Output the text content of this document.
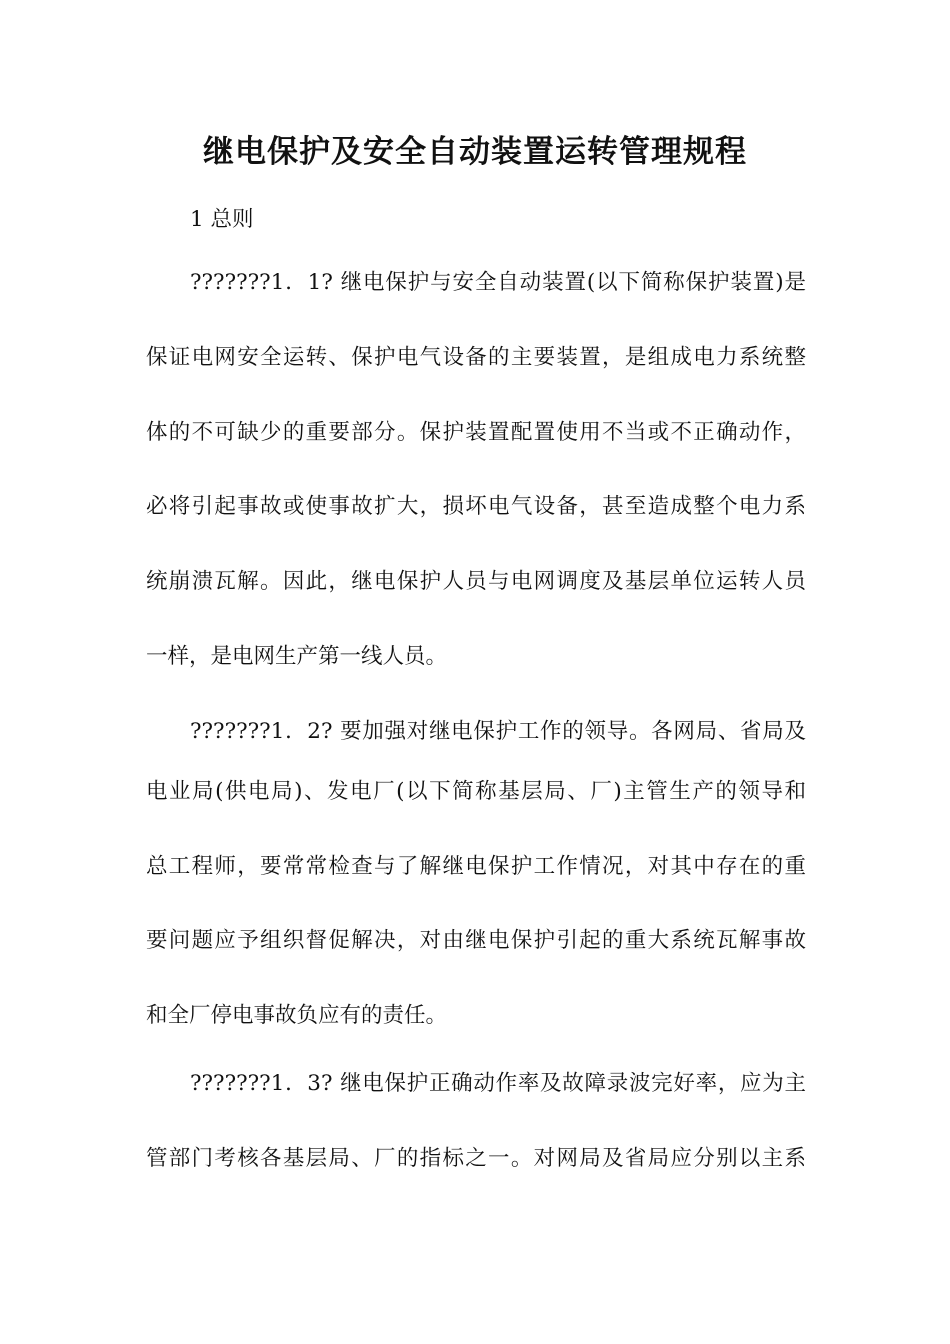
继电保护及安全自动装置运转管理规程

1 总则

???????1．1? 继电保护与安全自动装置(以下简称保护装置)是

保证电网安全运转、保护电气设备的主要装置，是组成电力系统整

体的不可缺少的重要部分。保护装置配置使用不当或不正确动作，

必将引起事故或使事故扩大，损坏电气设备，甚至造成整个电力系

统崩溃瓦解。因此，继电保护人员与电网调度及基层单位运转人员

一样，是电网生产第一线人员。

???????1．2? 要加强对继电保护工作的领导。各网局、省局及

电业局(供电局)、发电厂(以下简称基层局、厂)主管生产的领导和

总工程师，要常常检查与了解继电保护工作情况，对其中存在的重

要问题应予组织督促解决，对由继电保护引起的重大系统瓦解事故

和全厂停电事故负应有的责任。

???????1．3? 继电保护正确动作率及故障录波完好率，应为主

管部门考核各基层局、厂的指标之一。对网局及省局应分别以主系
